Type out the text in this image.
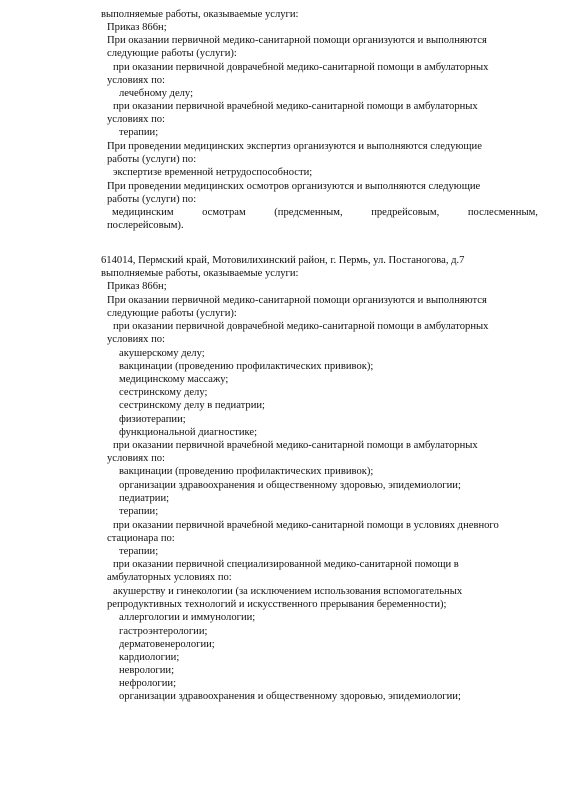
выполняемые работы, оказываемые услуги:
Приказ 866н;
При оказании первичной медико-санитарной помощи организуются и выполняются
следующие работы (услуги):
при оказании первичной доврачебной медико-санитарной помощи в амбулаторных
условиях по:
лечебному делу;
при оказании первичной врачебной медико-санитарной помощи в амбулаторных
условиях по:
терапии;
При проведении медицинских экспертиз организуются и выполняются следующие
работы (услуги) по:
экспертизе временной нетрудоспособности;
При проведении медицинских осмотров организуются и выполняются следующие
работы (услуги) по:
медицинским	осмотрам	(предсменным,	предрейсовым,	послесменным,
послерейсовым).
614014, Пермский край, Мотовилихинский район, г. Пермь, ул. Постаногова, д.7
выполняемые работы, оказываемые услуги:
Приказ 866н;
При оказании первичной медико-санитарной помощи организуются и выполняются
следующие работы (услуги):
при оказании первичной доврачебной медико-санитарной помощи в амбулаторных
условиях по:
акушерскому делу;
вакцинации (проведению профилактических прививок);
медицинскому массажу;
сестринскому делу;
сестринскому делу в педиатрии;
физиотерапии;
функциональной диагностике;
при оказании первичной врачебной медико-санитарной помощи в амбулаторных
условиях по:
вакцинации (проведению профилактических прививок);
организации здравоохранения и общественному здоровью, эпидемиологии;
педиатрии;
терапии;
при оказании первичной врачебной медико-санитарной помощи в условиях дневного
стационара по:
терапии;
при оказании первичной специализированной медико-санитарной помощи в
амбулаторных условиях по:
акушерству и гинекологии (за исключением использования вспомогательных
репродуктивных технологий и искусственного прерывания беременности);
аллергологии и иммунологии;
гастроэнтерологии;
дерматовенерологии;
кардиологии;
неврологии;
нефрологии;
организации здравоохранения и общественному здоровью, эпидемиологии;
